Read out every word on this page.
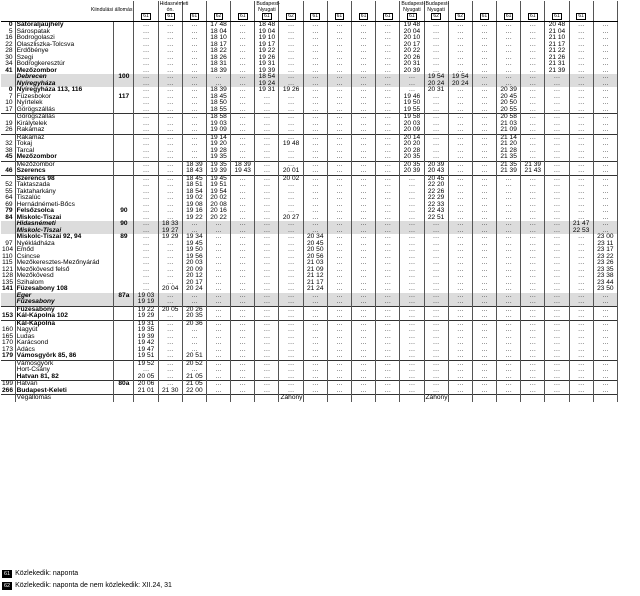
Kiindulási állomás			61	Hidasnémeti ón.
61	61	62	61	Budapest- Nyugati
61	62	61	61	61	61	Budapest- Nyugati
61	Budapest- Nyugati
62	62	61	61	61	61	61	

0	Sátoraljaújhely		…	…	…	17 48	…	18 48	…	…	…	…	…	19 48	…	…	…	…	…	20 48	…	…
5	Sárospatak		…	…	…	18 04	…	19 04	…	…	…	…	…	20 04	…	…	…	…	…	21 04	…	…
16	Bodrogolaszi		…	…	…	18 10	…	19 10	…	…	…	…	…	20 10	…	…	…	…	…	21 10	…	…
22	Olaszliszka-Tolcsva		…	…	…	18 17	…	19 17	…	…	…	…	…	20 17	…	…	…	…	…	21 17	…	…
28	Erdőbénye		…	…	…	18 22	…	19 22	…	…	…	…	…	20 22	…	…	…	…	…	21 22	…	…
30	Szegi		…	…	…	18 26	…	19 26	…	…	…	…	…	20 26	…	…	…	…	…	21 26	…	…
34	Bodrogkeresztúr		…	…	…	18 31	…	19 31	…	…	…	…	…	20 31	…	…	…	…	…	21 31	…	…
41	Mezőzombor		…	…	…	18 39	…	19 39	…	…	…	…	…	20 39	…	…	…	…	…	21 39	…	…
	Debrecen	100	…	…	…	…	…	18 54	…	…	…	…	…	…	19 54	19 54	…	…	…	…	…	…
	Nyíregyháza		…	…	…	…	…	19 24	…	…	…	…	…	…	20 24	20 24	…	…	…	…	…	…
0	Nyíregyháza 113, 116		…	…	…	18 39	…	19 31	19 26	…	…	…	…	…	20 31	…	…	20 39	…	…	…	…
7	Füzesbokor	117	…	…	…	18 45	…	…	…	…	…	…	…	19 46	…	…	…	20 45	…	…	…	…
10	Nyírtelek		…	…	…	18 50	…	…	…	…	…	…	…	19 50	…	…	…	20 50	…	…	…	…
17	Görögszállás		…	…	…	18 55	…	…	…	…	…	…	…	19 55	…	…	…	20 55	…	…	…	…
	Görögszállás		…	…	…	18 58	…	…	…	…	…	…	…	19 58	…	…	…	20 58	…	…	…	…
19	Királytelek		…	…	…	19 03	…	…	…	…	…	…	…	20 03	…	…	…	21 03	…	…	…	…
26	Rakamaz		…	…	…	19 09	…	…	…	…	…	…	…	20 09	…	…	…	21 09	…	…	…	…
	Rakamaz		…	…	…	19 14	…	…	…	…	…	…	…	20 14	…	…	…	21 14	…	…	…	…
32	Tokaj		…	…	…	19 20	…	…	19 48	…	…	…	…	20 20	…	…	…	21 20	…	…	…	…
38	Tarcal		…	…	…	19 28	…	…	…	…	…	…	…	20 28	…	…	…	21 28	…	…	…	…
45	Mezőzombor		…	…	…	19 35	…	…	…	…	…	…	…	20 35	…	…	…	21 35	…	…	…	…
	Mezőzombor		…	…	18 39	19 35	18 39	…	…	…	…	…	…	20 35	20 39	…	…	21 35	21 39	…	…	…
46	Szerencs		…	…	18 43	19 39	19 43	…	20 01	…	…	…	…	20 39	20 43	…	…	21 39	21 43	…	…	…
	Szerencs 98		…	…	18 45	19 45	…	…	20 02	…	…	…	…	…	20 45	…	…	…	…	…	…	…
52	Taktaszada		…	…	18 51	19 51	…	…	…	…	…	…	…	…	22 20	…	…	…	…	…	…	…
55	Taktaharkány		…	…	18 54	19 54	…	…	…	…	…	…	…	…	22 26	…	…	…	…	…	…	…
64	Tiszalúc		…	…	19 02	20 02	…	…	…	…	…	…	…	…	22 29	…	…	…	…	…	…	…
69	Hernádnémeti-Bőcs		…	…	19 08	20 08	…	…	…	…	…	…	…	…	22 33	…	…	…	…	…	…	…
79	Felsőzsolca	90	…	…	19 16	20 16	…	…	…	…	…	…	…	…	22 43	…	…	…	…	…	…	…
84	Miskolc-Tiszai		…	…	19 22	20 22	…	…	20 27	…	…	…	…	…	22 51	…	…	…	…	…	…	…
	Hidasnémeti	90	…	18 33	…	…	…	…	…	…	…	…	…	…	…	…	…	…	…	…	21 47	…
	Miskolc-Tiszai		…	19 27	…	…	…	…	…	…	…	…	…	…	…	…	…	…	…	…	22 53	…
	Miskolc-Tiszai 92, 94	89	…	19 29	19 34	…	…	…	…	20 34	…	…	…	…	…	…	…	…	…	…	…	23 00
97	Nyékládháza		…	…	19 45	…	…	…	…	20 45	…	…	…	…	…	…	…	…	…	…	…	23 11
104	Emőd		…	…	19 50	…	…	…	…	20 50	…	…	…	…	…	…	…	…	…	…	…	23 17
110	Csincse		…	…	19 56	…	…	…	…	20 56	…	…	…	…	…	…	…	…	…	…	…	23 22
115	Mezőkeresztes-Mezőnyárád		…	…	20 03	…	…	…	…	21 03	…	…	…	…	…	…	…	…	…	…	…	23 26
121	Mezőkövesd felső		…	…	20 09	…	…	…	…	21 09	…	…	…	…	…	…	…	…	…	…	…	23 35
128	Mezőkövesd		…	…	20 12	…	…	…	…	21 12	…	…	…	…	…	…	…	…	…	…	…	23 38
135	Szihalom		…	…	20 17	…	…	…	…	21 17	…	…	…	…	…	…	…	…	…	…	…	23 44
141	Füzesabony 108		…	20 04	20 24	…	…	…	…	21 24	…	…	…	…	…	…	…	…	…	…	…	23 50
	Eger	87a	19 03	…	…	…	…	…	…	…	…	…	…	…	…	…	…	…	…	…	…	…
	Füzesabony		19 19	…	…	…	…	…	…	…	…	…	…	…	…	…	…	…	…	…	…	…
	Füzesabony		19 22	20 05	20 26	…	…	…	…	…	…	…	…	…	…	…	…	…	…	…	…	…
153	Kál-Kápolna 102		19 29	…	20 35	…	…	…	…	…	…	…	…	…	…	…	…	…	…	…	…	…
	Kál-Kápolna		19 31	…	20 36	…	…	…	…	…	…	…	…	…	…	…	…	…	…	…	…	…
160	Nagyút		19 35	…	…	…	…	…	…	…	…	…	…	…	…	…	…	…	…	…	…	…
165	Ludas		19 39	…	…	…	…	…	…	…	…	…	…	…	…	…	…	…	…	…	…	…
170	Karácsond		19 42	…	…	…	…	…	…	…	…	…	…	…	…	…	…	…	…	…	…	…
173	Adács		19 47	…	…	…	…	…	…	…	…	…	…	…	…	…	…	…	…	…	…	…
179	Vámosgyörk 85, 86		19 51	…	20 51	…	…	…	…	…	…	…	…	…	…	…	…	…	…	…	…	…
	Vámosgyörk		19 52	…	20 52	…	…	…	…	…	…	…	…	…	…	…	…	…	…	…	…	…
	Hort-Csány		…	…	…	…	…	…	…	…	…	…	…	…	…	…	…	…	…	…	…	…
	Hatvan 81, 82		20 05	…	21 05	…	…	…	…	…	…	…	…	…	…	…	…	…	…	…	…	…
199	Hatvan	80a	20 06	…	21 05	…	…	…	…	…	…	…	…	…	…	…	…	…	…	…	…	…
266	Budapest-Keleti		21 01	21 30	22 00	…	…	…	…	…	…	…	…	…	…	…	…	…	…	…	…	…
	Végállomás								Záhony						Záhony							
61 Közlekedik: naponta
62 Közlekedik: naponta de nem közlekedik: XII.24, 31
